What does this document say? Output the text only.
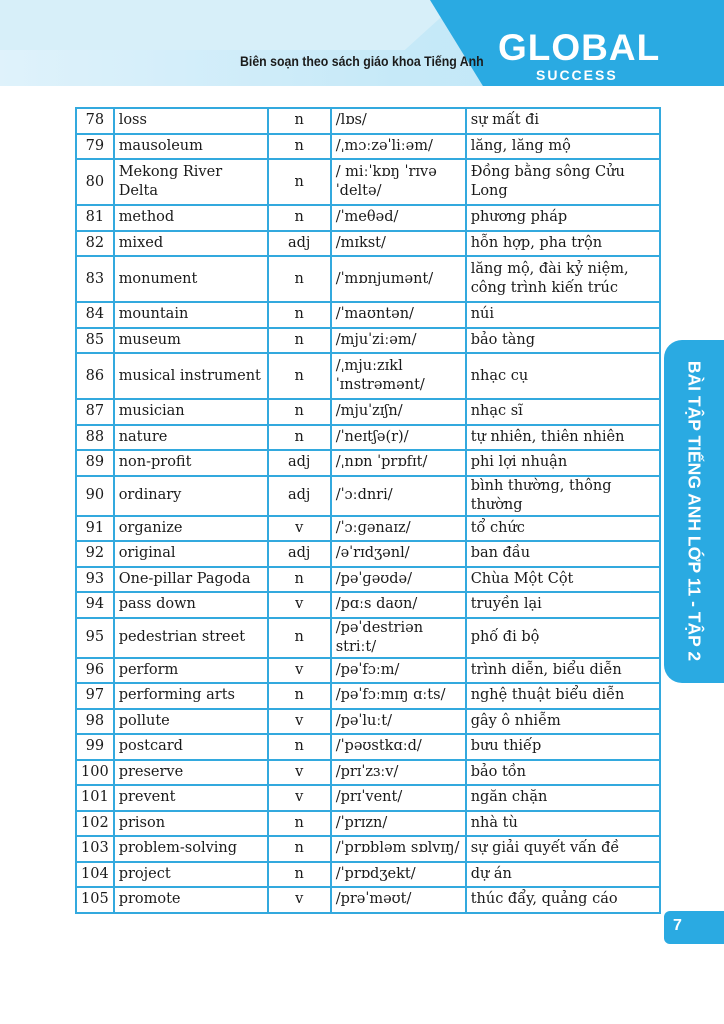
Biên soạn theo sách giáo khoa Tiếng Anh GLOBAL
SUCCESS
78	loss	n	/lɒs/	sự mất đi
79	mausoleum	n	/ˌmɔːzəˈliːəm/	lăng, lăng mộ
80	Mekong River Delta	n	/ miːˈkɒŋ ˈrɪvə ˈdeltə/	Đồng bằng sông Cửu Long
81	method	n	/ˈmeθəd/	phương pháp
82	mixed	adj	/mɪkst/	hỗn hợp, pha trộn
83	monument	n	/ˈmɒnjumənt/	lăng mộ, đài kỷ niệm, công trình kiến trúc
84	mountain	n	/ˈmaʊntən/	núi
85	museum	n	/mjuˈziːəm/	bảo tàng
86	musical instrument	n	/ˌmjuːzɪkl ˈɪnstrəmənt/	nhạc cụ
87	musician	n	/mjuˈzɪʃn/	nhạc sĩ
88	nature	n	/ˈneɪtʃə(r)/	tự nhiên, thiên nhiên
89	non-profit	adj	/ˌnɒn ˈprɒfɪt/	phi lợi nhuận
90	ordinary	adj	/ˈɔːdnri/	bình thường, thông thường
91	organize	v	/ˈɔːɡənaɪz/	tổ chức
92	original	adj	/əˈrɪdʒənl/	ban đầu
93	One-pillar Pagoda	n	/pəˈɡəʊdə/	Chùa Một Cột
94	pass down	v	/pɑːs daʊn/	truyền lại
95	pedestrian street	n	/pəˈdestriən striːt/	phố đi bộ
96	perform	v	/pəˈfɔːm/	trình diễn, biểu diễn
97	performing arts	n	/pəˈfɔːmɪŋ ɑːts/	nghệ thuật biểu diễn
98	pollute	v	/pəˈluːt/	gây ô nhiễm
99	postcard	n	/ˈpəʊstkɑːd/	bưu thiếp
100	preserve	v	/prɪˈzɜːv/	bảo tồn
101	prevent	v	/prɪˈvent/	ngăn chặn
102	prison	n	/ˈprɪzn/	nhà tù
103	problem-solving	n	/ˈprɒbləm sɒlvɪŋ/	sự giải quyết vấn đề
104	project	n	/ˈprɒdʒekt/	dự án
105	promote	v	/prəˈməʊt/	thúc đẩy, quảng cáo
BÀI TẬP TIẾNG ANH LỚP 11 - TẬP 2
7
